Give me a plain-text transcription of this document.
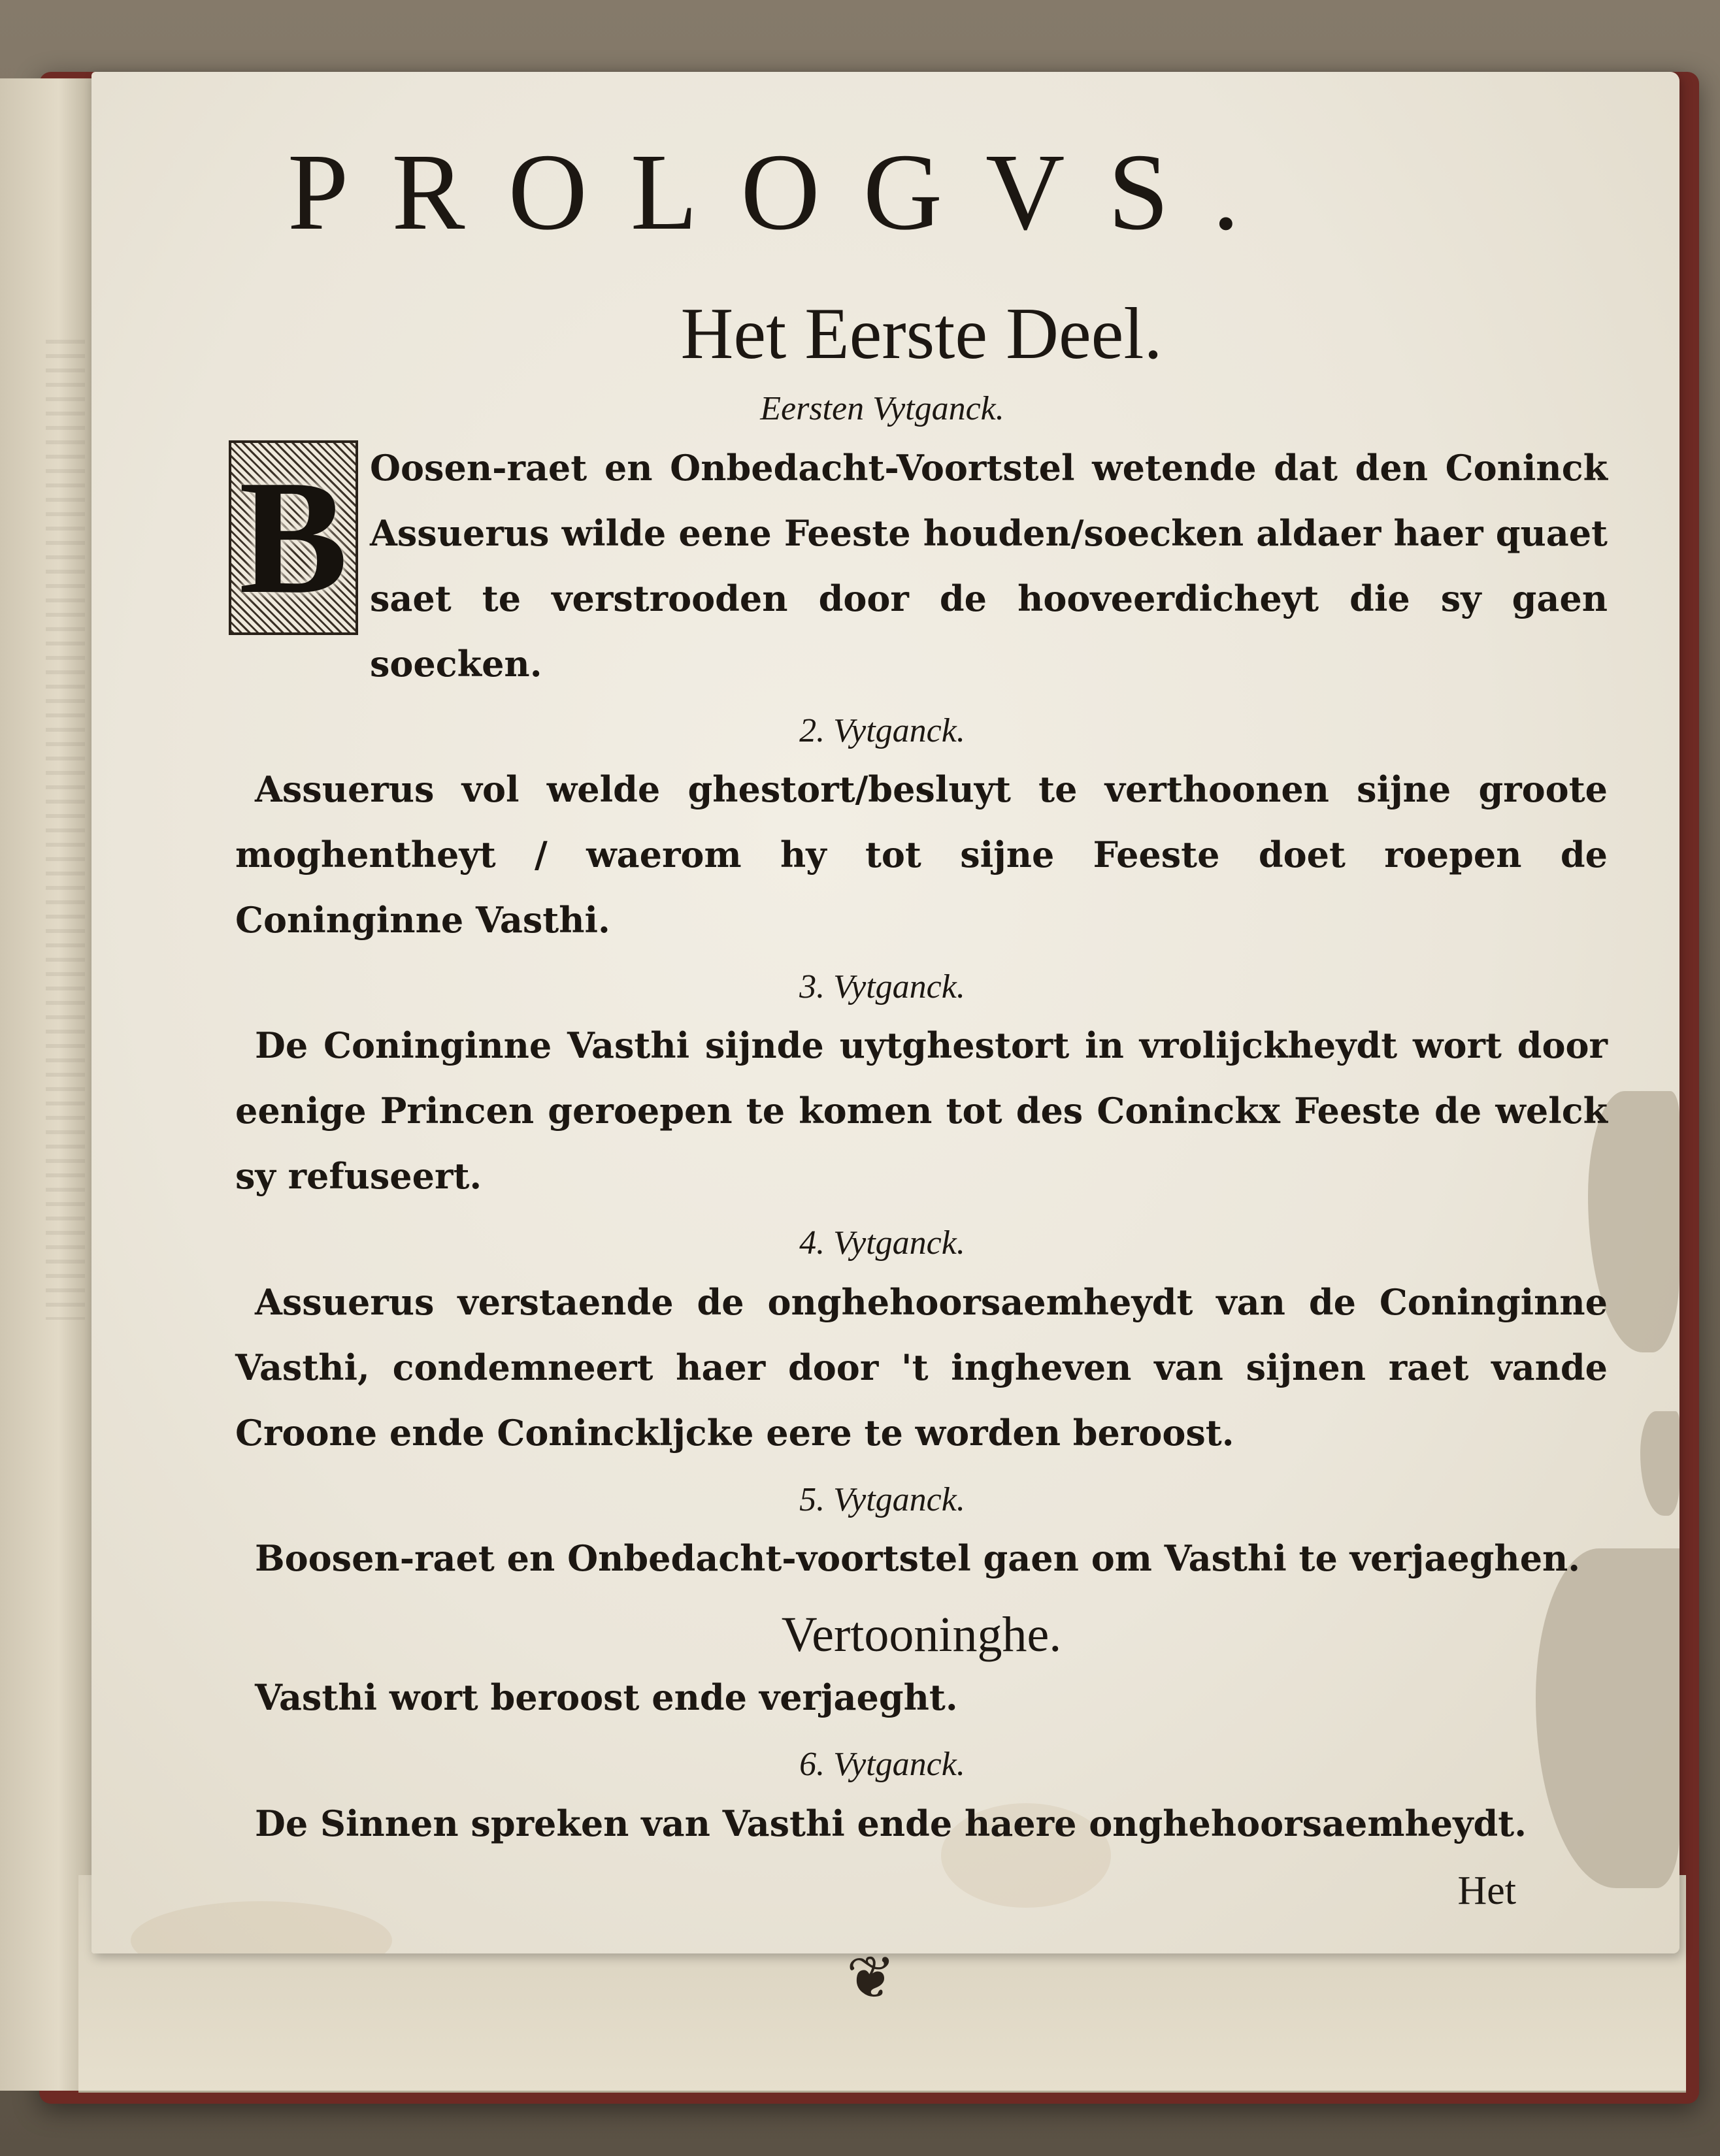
PROLOGVS.
Het Eerste Deel.
Eersten Vytganck.
B Oosen-raet en Onbedacht-Voortstel wetende dat den Coninck Assuerus wilde eene Feeste houden/soecken aldaer haer quaet saet te verstrooden door de hooveerdicheyt die sy gaen soecken.
2. Vytganck.
Assuerus vol welde ghestort/besluyt te verthoonen sijne groote moghentheyt / waerom hy tot sijne Feeste doet roepen de Coninginne Vasthi.
3. Vytganck.
De Coninginne Vasthi sijnde uytghestort in vrolijckheydt wort door eenige Princen geroepen te komen tot des Coninckx Feeste de welck sy refuseert.
4. Vytganck.
Assuerus verstaende de onghehoorsaemheydt van de Coninginne Vasthi, condemneert haer door 't ingheven van sijnen raet vande Croone ende Coninckljcke eere te worden beroost.
5. Vytganck.
Boosen-raet en Onbedacht-voortstel gaen om Vasthi te verjaeghen.
Vertooninghe.
Vasthi wort beroost ende verjaeght.
6. Vytganck.
De Sinnen spreken van Vasthi ende haere onghehoorsaemheydt.
Het
❦
